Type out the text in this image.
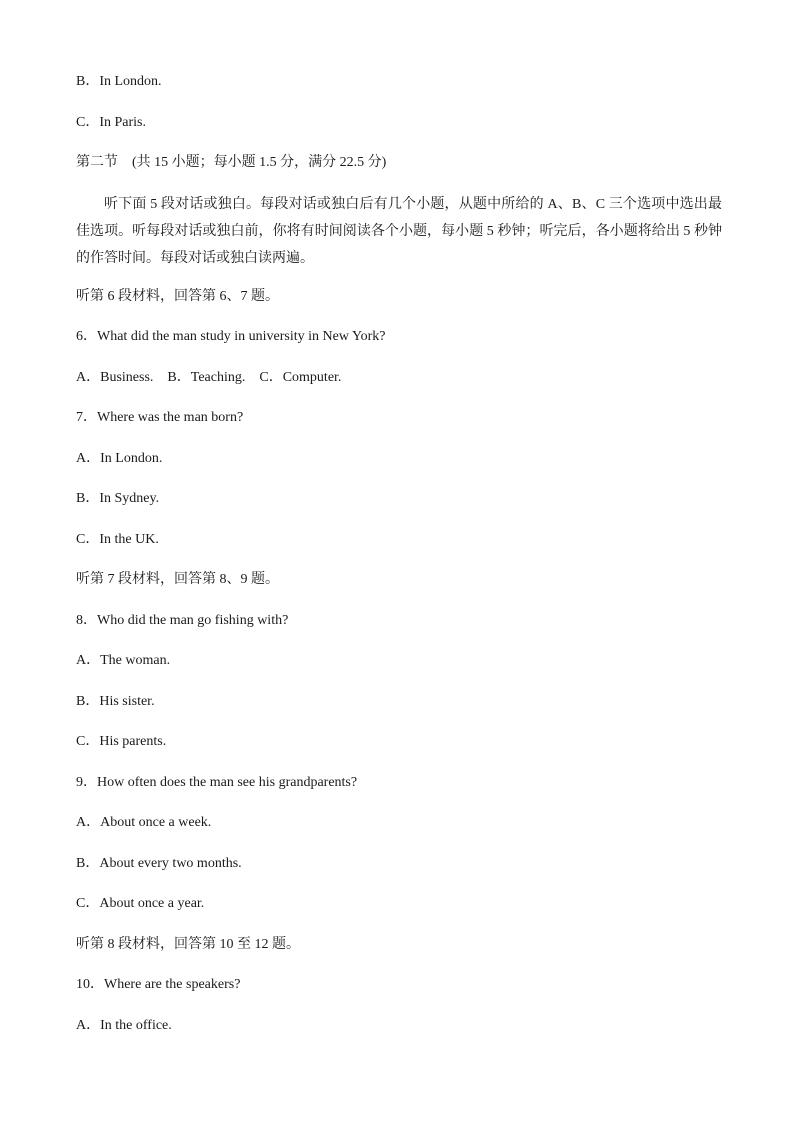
B．In London.
C．In Paris.
第二节　(共 15 小题；每小题 1.5 分，满分 22.5 分)
听下面 5 段对话或独白。每段对话或独白后有几个小题，从题中所给的 A、B、C 三个选项中选出最佳选项。听每段对话或独白前，你将有时间阅读各个小题，每小题 5 秒钟；听完后，各小题将给出 5 秒钟的作答时间。每段对话或独白读两遍。
听第 6 段材料，回答第 6、7 题。
6．What did the man study in university in New York?
A．Business. B．Teaching. C．Computer.
7．Where was the man born?
A．In London.
B．In Sydney.
C．In the UK.
听第 7 段材料，回答第 8、9 题。
8．Who did the man go fishing with?
A．The woman.
B．His sister.
C．His parents.
9．How often does the man see his grandparents?
A．About once a week.
B．About every two months.
C．About once a year.
听第 8 段材料，回答第 10 至 12 题。
10．Where are the speakers?
A．In the office.
